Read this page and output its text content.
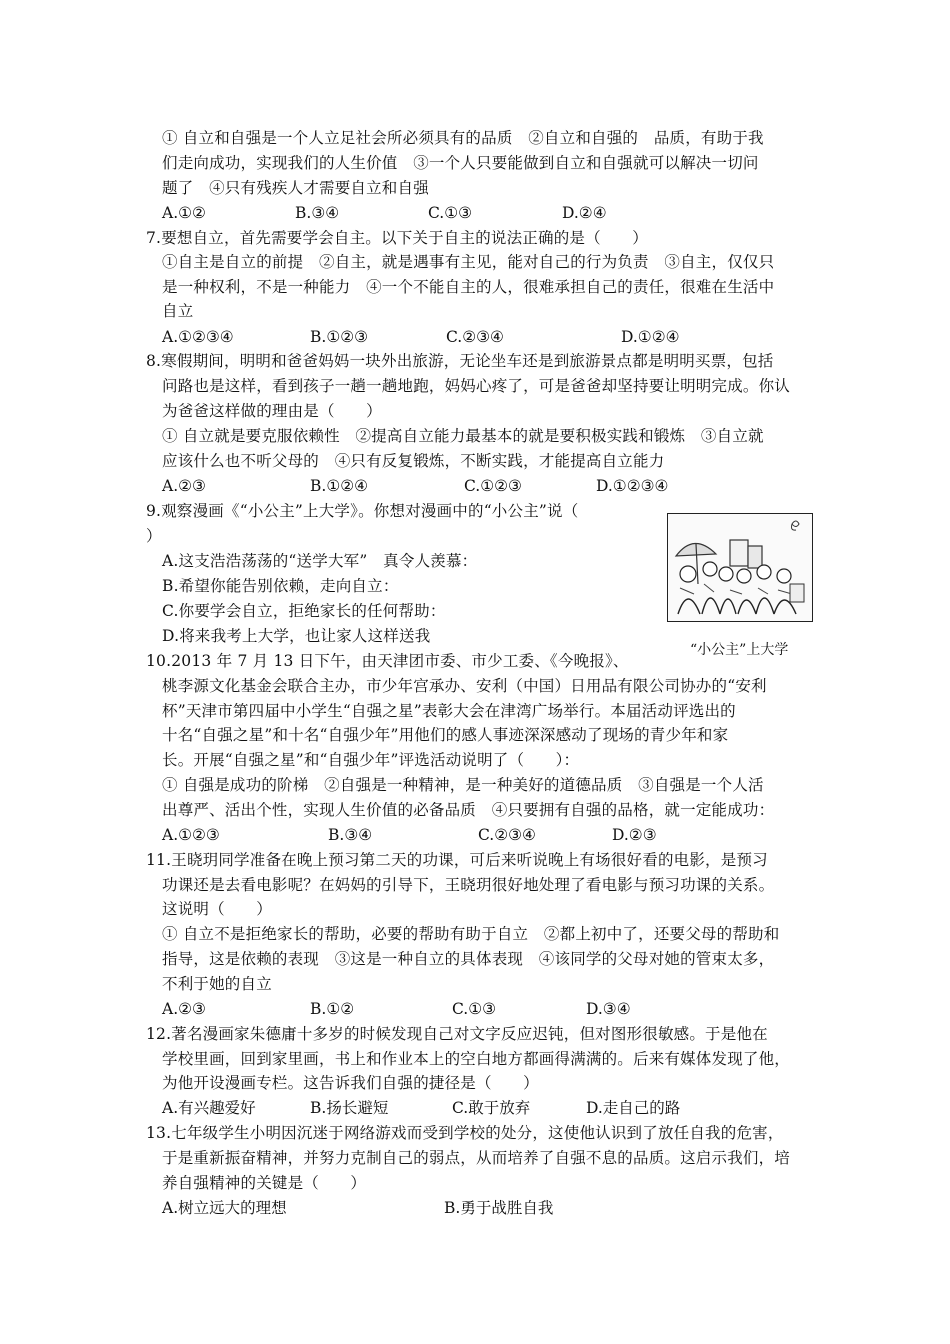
① 自立和自强是一个人立足社会所必须具有的品质　②自立和自强的　品质，有助于我
们走向成功，实现我们的人生价值　③一个人只要能做到自立和自强就可以解决一切问
题了　④只有残疾人才需要自立和自强
A.①②	B.③④	C.①③	D.②④
7.要想自立，首先需要学会自主。以下关于自主的说法正确的是（　　）
①自主是自立的前提　②自主，就是遇事有主见，能对自己的行为负责　③自主，仅仅只
是一种权利，不是一种能力　④一个不能自主的人，很难承担自己的责任，很难在生活中
自立
A.①②③④	B.①②③	C.②③④	D.①②④
8.寒假期间，明明和爸爸妈妈一块外出旅游，无论坐车还是到旅游景点都是明明买票，包括
问路也是这样，看到孩子一趟一趟地跑，妈妈心疼了，可是爸爸却坚持要让明明完成。你认
为爸爸这样做的理由是（　　）
① 自立就是要克服依赖性　②提高自立能力最基本的就是要积极实践和锻炼　③自立就
应该什么也不听父母的　④只有反复锻炼，不断实践，才能提高自立能力
A.②③	B.①②④	C.①②③	D.①②③④
9.观察漫画《“小公主”上大学》。你想对漫画中的“小公主”说（
）
A.这支浩浩荡荡的“送学大军”　真令人羡慕：
B.希望你能告别依赖，走向自立：
C.你要学会自立，拒绝家长的任何帮助：
D.将来我考上大学，也让家人这样送我
“小公主”上大学
10.2013 年 7 月 13 日下午，由天津团市委、市少工委、《今晚报》、
桃李源文化基金会联合主办，市少年宫承办、安利（中国）日用品有限公司协办的“安利
杯”天津市第四届中小学生“自强之星”表彰大会在津湾广场举行。本届活动评选出的
十名“自强之星”和十名“自强少年”用他们的感人事迹深深感动了现场的青少年和家
长。开展“自强之星”和“自强少年”评选活动说明了（　　）：
① 自强是成功的阶梯　②自强是一种精神，是一种美好的道德品质　③自强是一个人活
出尊严、活出个性，实现人生价值的必备品质　④只要拥有自强的品格，就一定能成功：
A.①②③	B.③④	C.②③④	D.②③
11.王晓玥同学准备在晚上预习第二天的功课，可后来听说晚上有场很好看的电影，是预习
功课还是去看电影呢？在妈妈的引导下，王晓玥很好地处理了看电影与预习功课的关系。
这说明（　　）
① 自立不是拒绝家长的帮助，必要的帮助有助于自立　②都上初中了，还要父母的帮助和
指导，这是依赖的表现　③这是一种自立的具体表现　④该同学的父母对她的管束太多，
不利于她的自立
A.②③	B.①②	C.①③	D.③④
12.著名漫画家朱德庸十多岁的时候发现自己对文字反应迟钝，但对图形很敏感。于是他在
学校里画，回到家里画，书上和作业本上的空白地方都画得满满的。后来有媒体发现了他，
为他开设漫画专栏。这告诉我们自强的捷径是（　　）
A.有兴趣爱好	B.扬长避短	C.敢于放弃	D.走自己的路
13.七年级学生小明因沉迷于网络游戏而受到学校的处分，这使他认识到了放任自我的危害，
于是重新振奋精神，并努力克制自己的弱点，从而培养了自强不息的品质。这启示我们，培
养自强精神的关键是（　　）
A.树立远大的理想	B.勇于战胜自我
